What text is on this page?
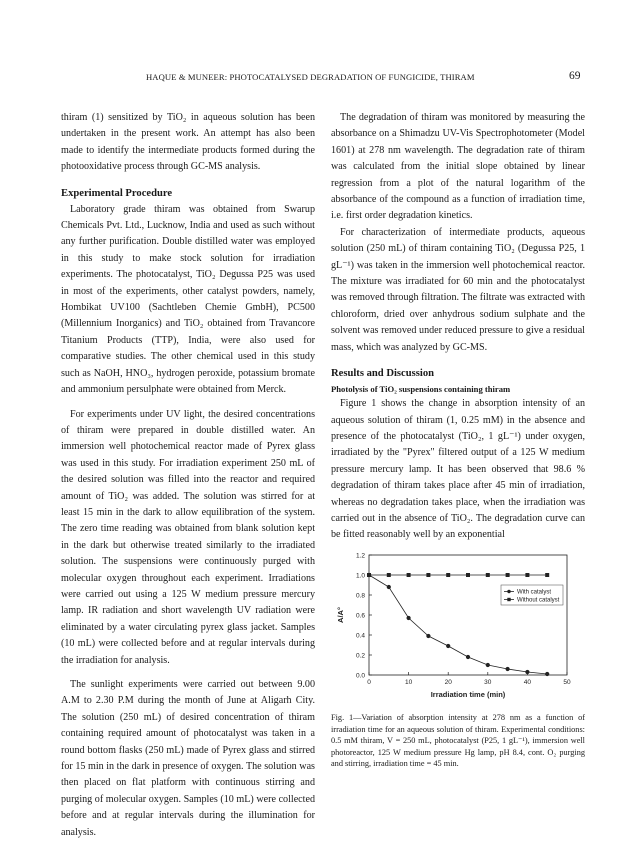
HAQUE & MUNEER: PHOTOCATALYSED DEGRADATION OF FUNGICIDE, THIRAM	69

thiram (1) sensitized by TiO₂ in aqueous solution has been undertaken in the present work. An attempt has also been made to identify the intermediate products formed during the photooxidative process through GC-MS analysis.

Experimental Procedure

Laboratory grade thiram was obtained from Swarup Chemicals Pvt. Ltd., Lucknow, India and used as such without any further purification. Double distilled water was employed in this study to make stock solution for irradiation experiments. The photocatalyst, TiO₂ Degussa P25 was used in most of the experiments, other catalyst powders, namely, Hombikat UV100 (Sachtleben Chemie GmbH), PC500 (Millennium Inorganics) and TiO₂ obtained from Travancore Titanium Products (TTP), India, were also used for comparative studies. The other chemical used in this study such as NaOH, HNO₃, hydrogen peroxide, potassium bromate and ammonium persulphate were obtained from Merck.

For experiments under UV light, the desired concentrations of thiram were prepared in double distilled water. An immersion well photochemical reactor made of Pyrex glass was used in this study. For irradiation experiment 250 mL of the desired solution was filled into the reactor and required amount of TiO₂ was added. The solution was stirred for at least 15 min in the dark to allow equilibration of the system. The zero time reading was obtained from blank solution kept in the dark but otherwise treated similarly to the irradiated solution. The suspensions were continuously purged with molecular oxygen throughout each experiment. Irradiations were carried out using a 125 W medium pressure mercury lamp. IR radiation and short wavelength UV radiation were eliminated by a water circulating pyrex glass jacket. Samples (10 mL) were collected before and at regular intervals during the irradiation for analysis.

The sunlight experiments were carried out between 9.00 A.M to 2.30 P.M during the month of June at Aligarh City. The solution (250 mL) of desired concentration of thiram containing required amount of photocatalyst was taken in a round bottom flasks (250 mL) made of Pyrex glass and stirred for 15 min in the dark in presence of oxygen. The solution was then placed on flat platform with continuous stirring and purging of molecular oxygen. Samples (10 mL) were collected before and at regular intervals during the illumination for analysis.

The degradation of thiram was monitored by measuring the absorbance on a Shimadzu UV-Vis Spectrophotometer (Model 1601) at 278 nm wavelength. The degradation rate of thiram was calculated from the initial slope obtained by linear regression from a plot of the natural logarithm of the absorbance of the compound as a function of irradiation time, i.e. first order degradation kinetics.

For characterization of intermediate products, aqueous solution (250 mL) of thiram containing TiO₂ (Degussa P25, 1 gL⁻¹) was taken in the immersion well photochemical reactor. The mixture was irradiated for 60 min and the photocatalyst was removed through filtration. The filtrate was extracted with chloroform, dried over anhydrous sodium sulphate and the solvent was removed under reduced pressure to give a residual mass, which was analyzed by GC-MS.

Results and Discussion
Photolysis of TiO₂ suspensions containing thiram

Figure 1 shows the change in absorption intensity of an aqueous solution of thiram (1, 0.25 mM) in the absence and presence of the photocatalyst (TiO₂, 1 gL⁻¹) under oxygen, irradiated by the "Pyrex" filtered output of a 125 W medium pressure mercury lamp. It has been observed that 98.6 % degradation of thiram takes place after 45 min of irradiation, whereas no degradation takes place, when the irradiation was carried out in the absence of TiO₂. The degradation curve can be fitted reasonably well by an exponential

0	10	20	30	40	50
0.0
0.2
0.4
0.6
0.8
1.0
1.2
Irradiation time (min)
A/A°
With catalyst
Without catalyst
Fig. 1—Variation of absorption intensity at 278 nm as a function of irradiation time for an aqueous solution of thiram. Experimental conditions: 0.5 mM thiram, V = 250 mL, photocatalyst (P25, 1 gL⁻¹), immersion well photoreactor, 125 W medium pressure Hg lamp, pH 8.4, cont. O₂ purging and stirring, irradiation time = 45 min.
